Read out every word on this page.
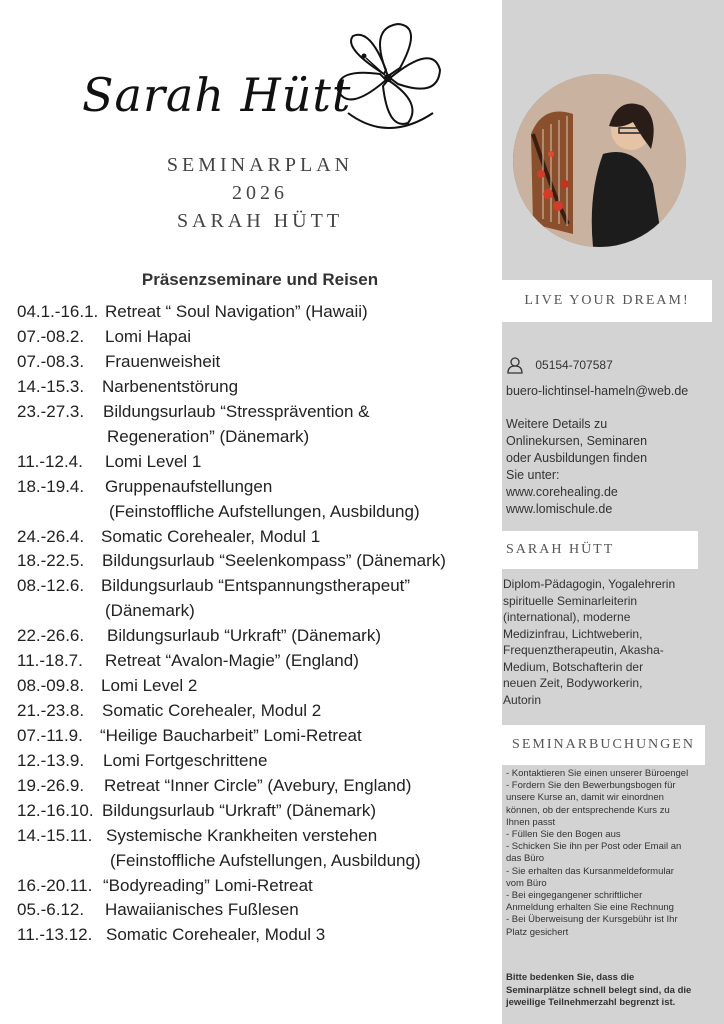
Sarah Hütt
SEMINARPLAN
2026
SARAH HÜTT
Präsenzseminare und Reisen
04.1.-16.1. Retreat “ Soul Navigation” (Hawaii)
07.-08.2. Lomi Hapai
07.-08.3. Frauenweisheit
14.-15.3. Narbenentstörung
23.-27.3. Bildungsurlaub “Stressprävention &
Regeneration” (Dänemark)
11.-12.4. Lomi Level 1
18.-19.4. Gruppenaufstellungen
(Feinstoffliche Aufstellungen, Ausbildung)
24.-26.4. Somatic Corehealer, Modul 1
18.-22.5. Bildungsurlaub “Seelenkompass” (Dänemark)
08.-12.6. Bildungsurlaub “Entspannungstherapeut”
(Dänemark)
22.-26.6. Bildungsurlaub “Urkraft” (Dänemark)
11.-18.7. Retreat “Avalon-Magie” (England)
08.-09.8. Lomi Level 2
21.-23.8. Somatic Corehealer, Modul 2
07.-11.9. “Heilige Baucharbeit” Lomi-Retreat
12.-13.9. Lomi Fortgeschrittene
19.-26.9. Retreat “Inner Circle” (Avebury, England)
12.-16.10. Bildungsurlaub “Urkraft” (Dänemark)
14.-15.11. Systemische Krankheiten verstehen
(Feinstoffliche Aufstellungen, Ausbildung)
16.-20.11. “Bodyreading” Lomi-Retreat
05.-6.12. Hawaiianisches Fußlesen
11.-13.12. Somatic Corehealer, Modul 3
LIVE YOUR DREAM!
05154-707587
buero-lichtinsel-hameln@web.de
Weitere Details zu
Onlinekursen, Seminaren
oder Ausbildungen finden
Sie unter:
www.corehealing.de
www.lomischule.de
SARAH HÜTT
Diplom-Pädagogin, Yogalehrerin
spirituelle Seminarleiterin
(international), moderne
Medizinfrau, Lichtweberin,
Frequenztherapeutin, Akasha-
Medium, Botschafterin der
neuen Zeit, Bodyworkerin,
Autorin
SEMINARBUCHUNGEN
- Kontaktieren Sie einen unserer Büroengel
- Fordern Sie den Bewerbungsbogen für
unsere Kurse an, damit wir einordnen
können, ob der entsprechende Kurs zu
Ihnen passt
- Füllen Sie den Bogen aus
- Schicken Sie ihn per Post oder Email an
das Büro
- Sie erhalten das Kursanmeldeformular
vom Büro
- Bei eingegangener schriftlicher
Anmeldung erhalten Sie eine Rechnung
- Bei Überweisung der Kursgebühr ist Ihr
Platz gesichert
Bitte bedenken Sie, dass die
Seminarplätze schnell belegt sind, da die
jeweilige Teilnehmerzahl begrenzt ist.
